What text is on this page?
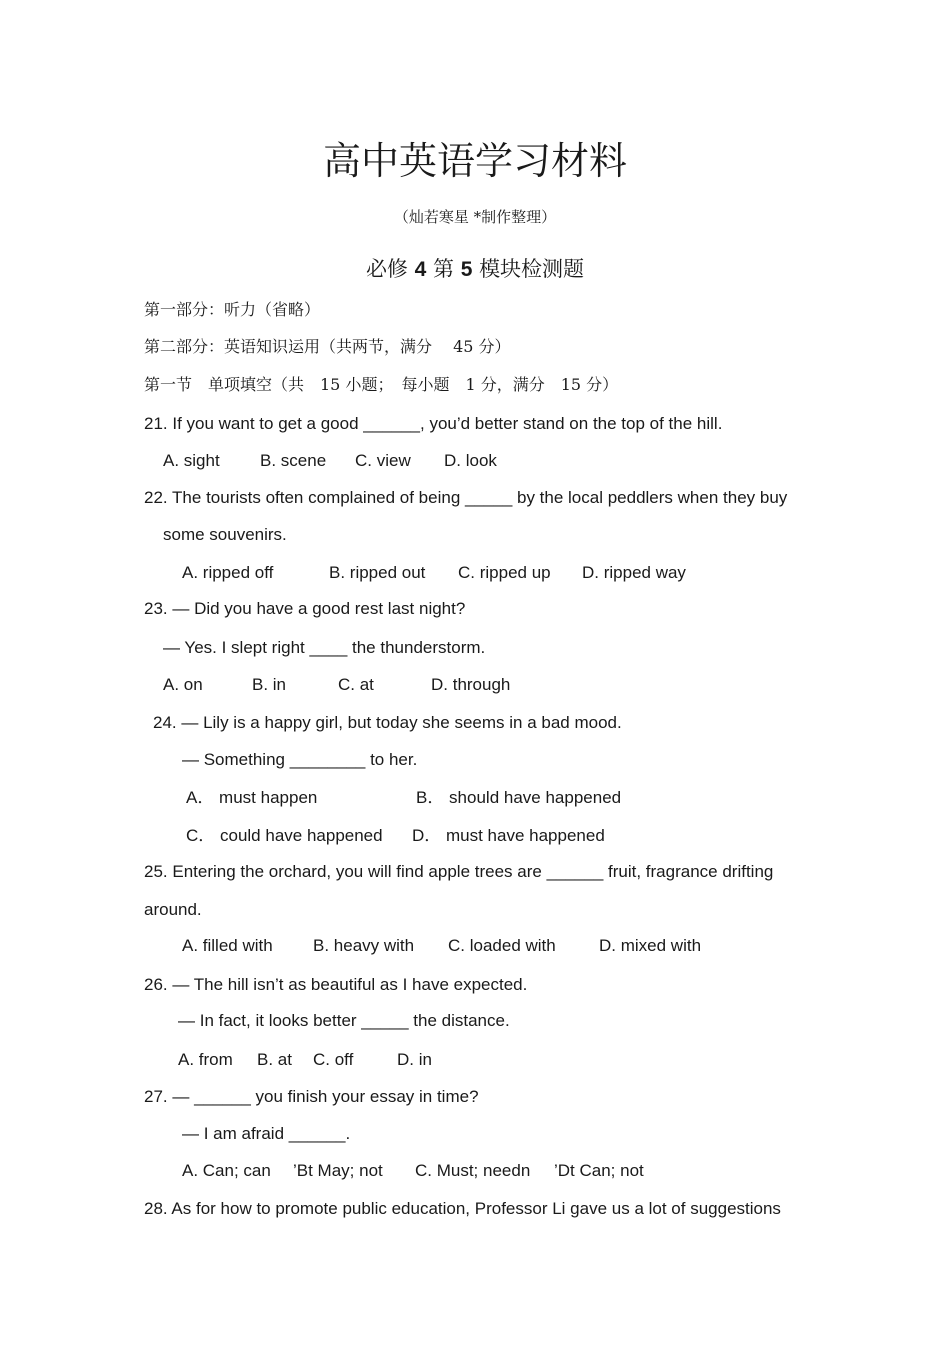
高中英语学习材料
（灿若寒星 *制作整理）
必修 4 第 5 模块检测题
第一部分：听力（省略）
第二部分：英语知识运用（共两节，满分　 45 分）
第一节　单项填空（共　15 小题；　每小题　1 分，满分　15 分）
21. If you want to get a good ______, you’d better stand on the top of the hill.
A. sight B. scene C. view D. look
22. The tourists often complained of being _____ by the local peddlers when they buy
some souvenirs.
A. ripped off	B. ripped out C. ripped up D. ripped way
23. — Did you have a good rest last night?
— Yes. I slept right ____ the thunderstorm.
A. on	B. in	C. at	D. through
24. — Lily is a happy girl, but today she seems in a bad mood.
— Something ________ to her.
A． must happen	B． should have happened
C． could have happened D． must have happened
25. Entering the orchard, you will find apple trees are ______ fruit, fragrance drifting
around.
A. filled with B. heavy with C. loaded with	D. mixed with
26. — The hill isn’t as beautiful as I have expected.
— In fact, it looks better _____ the distance.
A. from B. at C. off	D. in
27. — ______ you finish your essay in time?
— I am afraid ______.
A. Can; can ’Bt May; not C. Must; needn ’Dt Can; not
28. As for how to promote public education, Professor Li gave us a lot of suggestions
